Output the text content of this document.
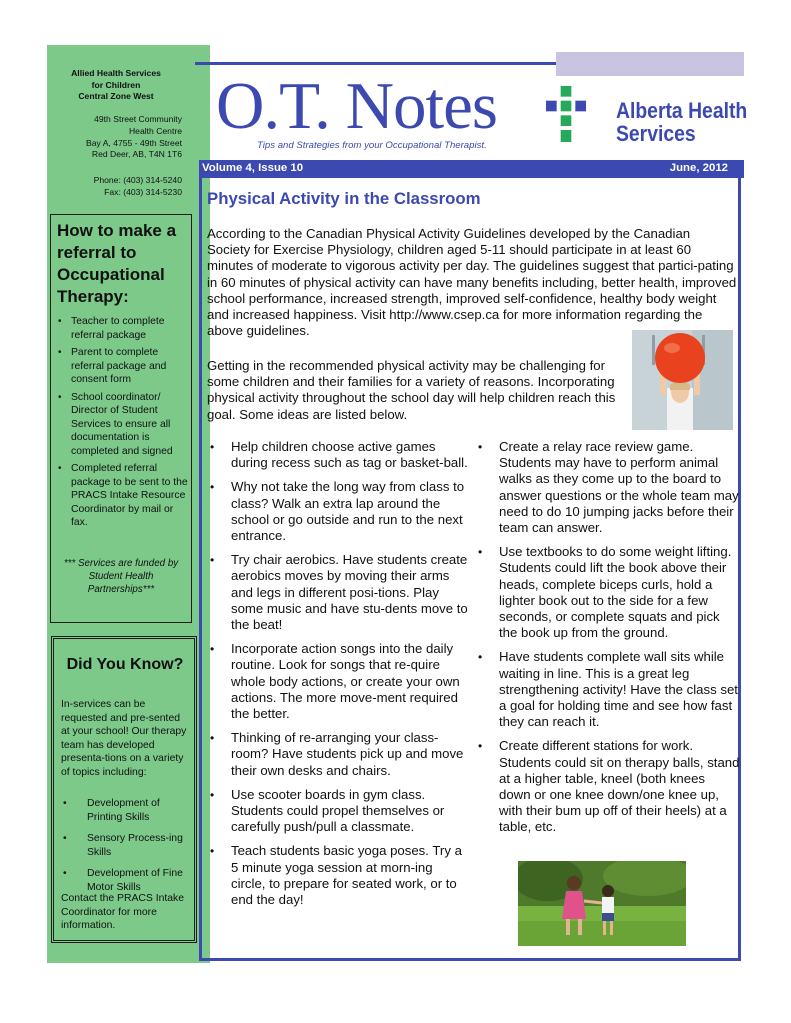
Allied Health Services
for Children
Central Zone West
49th Street Community
Health Centre
Bay A, 4755 - 49th Street
Red Deer, AB, T4N 1T6
Phone: (403) 314-5240
Fax: (403) 314-5230
How to make a referral to Occupational Therapy:
• Teacher to complete referral package
• Parent to complete referral package and consent form
• School coordinator/ Director of Student Services to ensure all documentation is completed and signed
• Completed referral package to be sent to the PRACS Intake Resource Coordinator by mail or fax.
*** Services are funded by Student Health Partnerships***
Did You Know?
In-services can be requested and pre-sented at your school! Our therapy team has developed presenta-tions on a variety of topics including:
• Development of Printing Skills
• Sensory Process-ing Skills
• Development of Fine Motor Skills
Contact the PRACS Intake Coordinator for more information.
O.T. Notes
Tips and Strategies from your Occupational Therapist.
Alberta Health
Services
Volume 4, Issue 10	June, 2012
Physical Activity in the Classroom
According to the Canadian Physical Activity Guidelines developed by the Canadian Society for Exercise Physiology, children aged 5-11 should participate in at least 60 minutes of moderate to vigorous activity per day. The guidelines suggest that partici-pating in 60 minutes of physical activity can have many benefits including, better health, improved school performance, increased strength, improved self-confidence, healthy body weight and increased happiness. Visit http://www.csep.ca for more information regarding the above guidelines.
Getting in the recommended physical activity may be challenging for some children and their families for a variety of reasons. Incorporating physical activity throughout the school day will help children reach this goal. Some ideas are listed below.
• Help children choose active games during recess such as tag or basket-ball.
• Why not take the long way from class to class? Walk an extra lap around the school or go outside and run to the next entrance.
• Try chair aerobics. Have students create aerobics moves by moving their arms and legs in different posi-tions. Play some music and have stu-dents move to the beat!
• Incorporate action songs into the daily routine. Look for songs that re-quire whole body actions, or create your own actions. The more move-ment required the better.
• Thinking of re-arranging your class-room? Have students pick up and move their own desks and chairs.
• Use scooter boards in gym class. Students could propel themselves or carefully push/pull a classmate.
• Teach students basic yoga poses. Try a 5 minute yoga session at morn-ing circle, to prepare for seated work, or to end the day!
• Create a relay race review game. Students may have to perform animal walks as they come up to the board to answer questions or the whole team may need to do 10 jumping jacks before their team can answer.
• Use textbooks to do some weight lifting. Students could lift the book above their heads, complete biceps curls, hold a lighter book out to the side for a few seconds, or complete squats and pick the book up from the ground.
• Have students complete wall sits while waiting in line. This is a great leg strengthening activity! Have the class set a goal for holding time and see how fast they can reach it.
• Create different stations for work. Students could sit on therapy balls, stand at a higher table, kneel (both knees down or one knee down/one knee up, with their bum up off of their heels) at a table, etc.
